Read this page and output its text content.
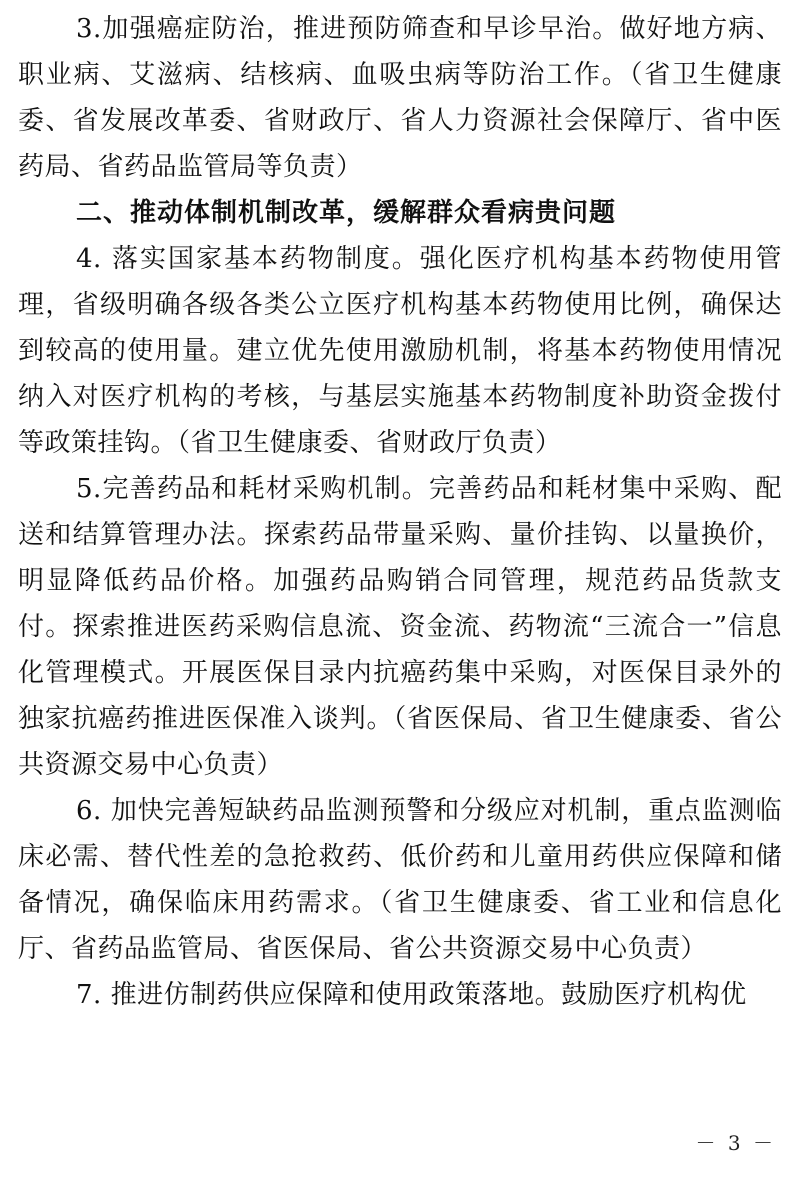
3.加强癌症防治，推进预防筛查和早诊早治。做好地方病、职业病、艾滋病、结核病、血吸虫病等防治工作。（省卫生健康委、省发展改革委、省财政厅、省人力资源社会保障厅、省中医药局、省药品监管局等负责）

二、推动体制机制改革，缓解群众看病贵问题

4. 落实国家基本药物制度。强化医疗机构基本药物使用管理，省级明确各级各类公立医疗机构基本药物使用比例，确保达到较高的使用量。建立优先使用激励机制，将基本药物使用情况纳入对医疗机构的考核，与基层实施基本药物制度补助资金拨付等政策挂钩。（省卫生健康委、省财政厅负责）

5.完善药品和耗材采购机制。完善药品和耗材集中采购、配送和结算管理办法。探索药品带量采购、量价挂钩、以量换价，明显降低药品价格。加强药品购销合同管理，规范药品货款支付。探索推进医药采购信息流、资金流、药物流“三流合一”信息化管理模式。开展医保目录内抗癌药集中采购，对医保目录外的独家抗癌药推进医保准入谈判。（省医保局、省卫生健康委、省公共资源交易中心负责）

6. 加快完善短缺药品监测预警和分级应对机制，重点监测临床必需、替代性差的急抢救药、低价药和儿童用药供应保障和储备情况，确保临床用药需求。（省卫生健康委、省工业和信息化厅、省药品监管局、省医保局、省公共资源交易中心负责）

7. 推进仿制药供应保障和使用政策落地。鼓励医疗机构优

－ 3 －
